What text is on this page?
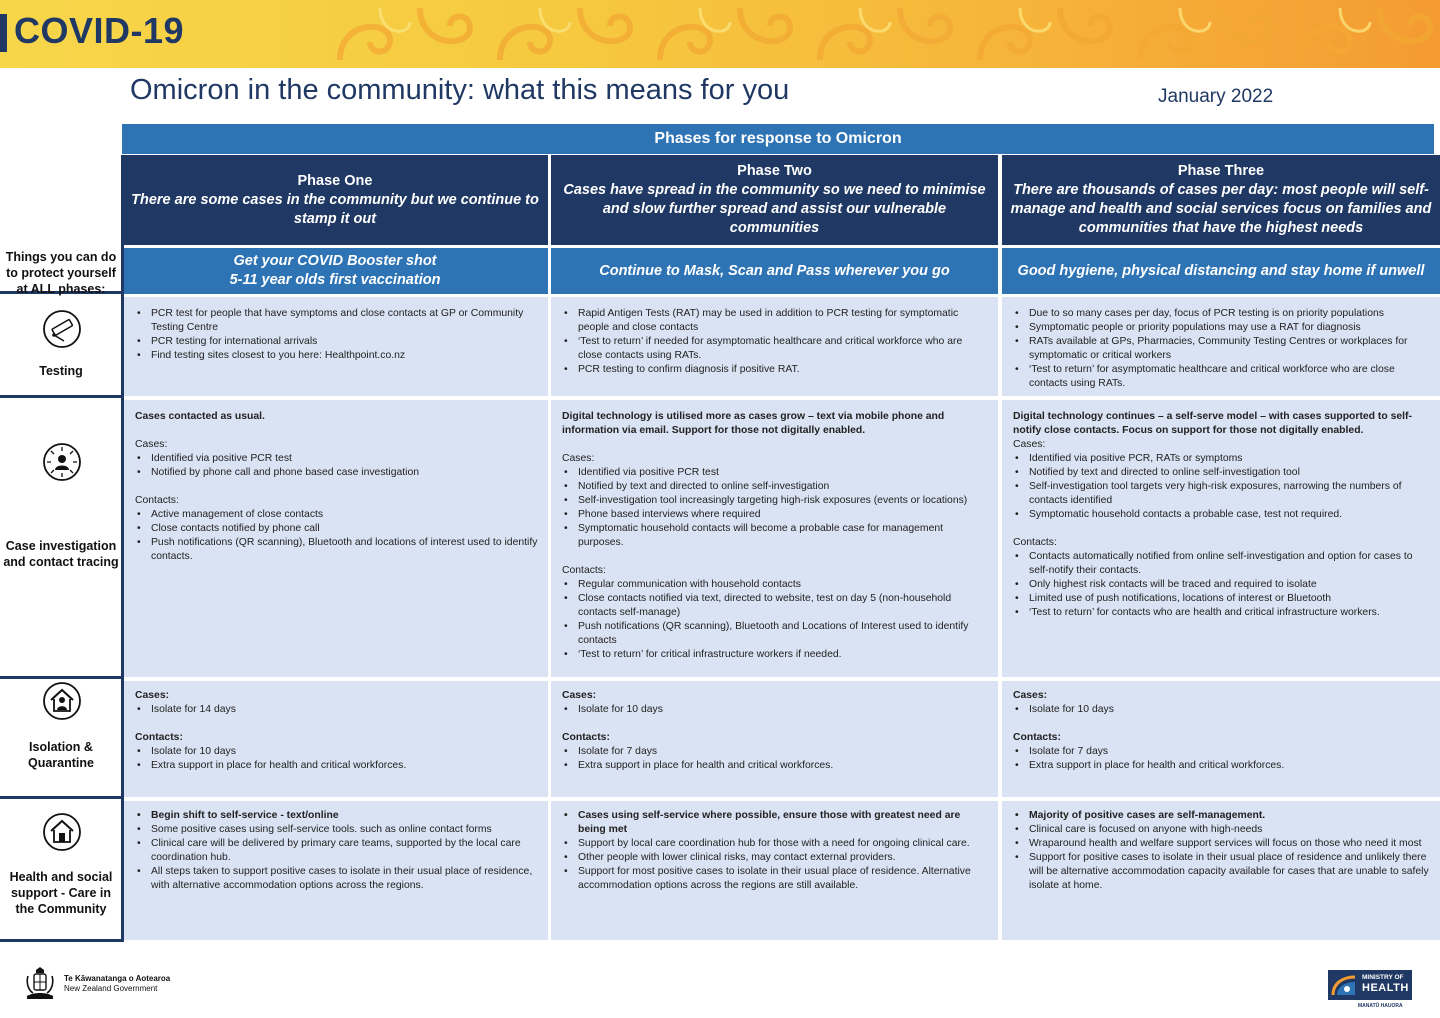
COVID-19
Omicron in the community: what this means for you	January 2022
Phases for response to Omicron
Phase One
There are some cases in the community but we continue to stamp it out
Phase Two
Cases have spread in the community so we need to minimise and slow further spread and assist our vulnerable communities
Phase Three
There are thousands of cases per day: most people will self-manage and health and social services focus on families and communities that have the highest needs
Things you can do to protect yourself at ALL phases:
Get your COVID Booster shot
5-11 year olds first vaccination
Continue to Mask, Scan and Pass wherever you go	Good hygiene, physical distancing and stay home if unwell
Testing
• PCR test for people that have symptoms and close contacts at GP or Community Testing Centre
• PCR testing for international arrivals
• Find testing sites closest to you here: Healthpoint.co.nz
• Rapid Antigen Tests (RAT) may be used in addition to PCR testing for symptomatic people and close contacts
• ‘Test to return’ if needed for asymptomatic healthcare and critical workforce who are close contacts using RATs.
• PCR testing to confirm diagnosis if positive RAT.
• Due to so many cases per day, focus of PCR testing is on priority populations
• Symptomatic people or priority populations may use a RAT for diagnosis
• RATs available at GPs, Pharmacies, Community Testing Centres or workplaces for symptomatic or critical workers
• ‘Test to return’ for asymptomatic healthcare and critical workforce who are close contacts using RATs.
Case investigation and contact tracing
Cases contacted as usual.
Cases:
• Identified via positive PCR test
• Notified by phone call and phone based case investigation
Contacts:
• Active management of close contacts
• Close contacts notified by phone call
• Push notifications (QR scanning), Bluetooth and locations of interest used to identify contacts.
Digital technology is utilised more as cases grow – text via mobile phone and information via email. Support for those not digitally enabled.
Cases:
• Identified via positive PCR test
• Notified by text and directed to online self-investigation
• Self-investigation tool increasingly targeting high-risk exposures (events or locations)
• Phone based interviews where required
• Symptomatic household contacts will become a probable case for management purposes.
Contacts:
• Regular communication with household contacts
• Close contacts notified via text, directed to website, test on day 5 (non-household contacts self-manage)
• Push notifications (QR scanning), Bluetooth and Locations of Interest used to identify contacts
• ‘Test to return’ for critical infrastructure workers if needed.
Digital technology continues – a self-serve model – with cases supported to self-notify close contacts. Focus on support for those not digitally enabled.
Cases:
• Identified via positive PCR, RATs or symptoms
• Notified by text and directed to online self-investigation tool
• Self-investigation tool targets very high-risk exposures, narrowing the numbers of contacts identified
• Symptomatic household contacts a probable case, test not required.
Contacts:
• Contacts automatically notified from online self-investigation and option for cases to self-notify their contacts.
• Only highest risk contacts will be traced and required to isolate
• Limited use of push notifications, locations of interest or Bluetooth
• ‘Test to return’ for contacts who are health and critical infrastructure workers.
Isolation & Quarantine
Cases:
• Isolate for 14 days
Contacts:
• Isolate for 10 days
• Extra support in place for health and critical workforces.
Cases:
• Isolate for 10 days
Contacts:
• Isolate for 7 days
• Extra support in place for health and critical workforces.
Cases:
• Isolate for 10 days
Contacts:
• Isolate for 7 days
• Extra support in place for health and critical workforces.
Health and social support - Care in the Community
• Begin shift to self-service - text/online
• Some positive cases using self-service tools. such as online contact forms
• Clinical care will be delivered by primary care teams, supported by the local care coordination hub.
• All steps taken to support positive cases to isolate in their usual place of residence, with alternative accommodation options across the regions.
• Cases using self-service where possible, ensure those with greatest need are being met
• Support by local care coordination hub for those with a need for ongoing clinical care.
• Other people with lower clinical risks, may contact external providers.
• Support for most positive cases to isolate in their usual place of residence. Alternative accommodation options across the regions are still available.
• Majority of positive cases are self-management.
• Clinical care is focused on anyone with high-needs
• Wraparound health and welfare support services will focus on those who need it most
• Support for positive cases to isolate in their usual place of residence and unlikely there will be alternative accommodation capacity available for cases that are unable to safely isolate at home.
Te Kāwanatanga o Aotearoa
New Zealand Government
MINISTRY OF
HEALTH
MANATŪ HAUORA
